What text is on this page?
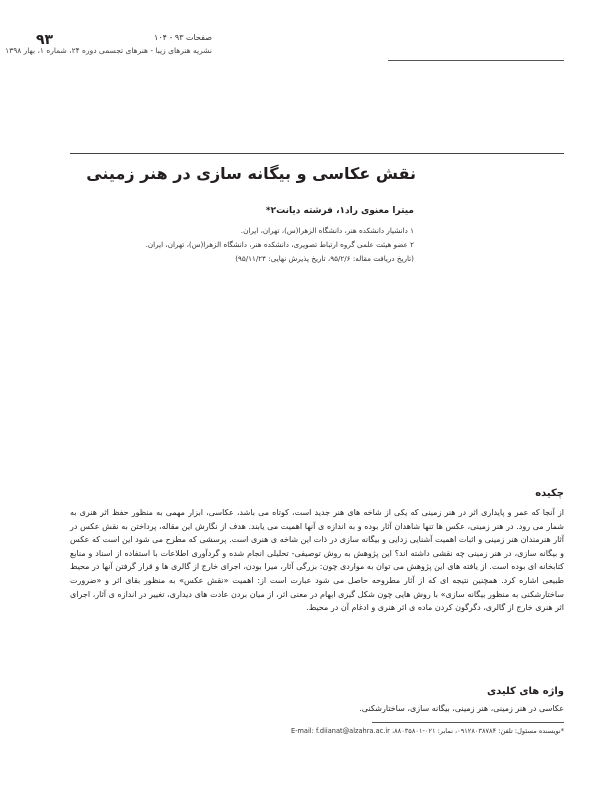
۹۳	صفحات ۹۳ - ۱۰۴
نشریه هنرهای زیبا - هنرهای تجسمی دوره ۲۴، شماره ۱، بهار ۱۳۹۸
نقش عکاسی و بیگانه سازی در هنر زمینی
میترا معنوی راد‌۱، فرشته دیانت‌۲*
۱ دانشیار دانشکده هنر، دانشگاه الزهرا(س)، تهران، ایران.
۲ عضو هیئت علمی گروه ارتباط تصویری، دانشکده هنر، دانشگاه الزهرا(س)، تهران، ایران.
(تاریخ دریافت مقاله: ۹۵/۲/۶، تاریخ پذیرش نهایی: ۹۵/۱۱/۲۴)
چکیده

از آنجا که عمر و پایداری اثر در هنر زمینی که یکی از شاخه های هنر جدید است، کوتاه می باشد، عکاسی، ابزار مهمی به منظور حفظ اثر هنری به شمار می رود. در هنر زمینی، عکس ها تنها شاهدان آثار بوده و به اندازه ی آنها اهمیت می یابند. هدف از نگارش این مقاله، پرداختن به نقش عکس در آثار هنرمندان هنر زمینی و اثبات اهمیت آشنایی زدایی و بیگانه سازی در ذات این شاخه ی هنری است. پرسشی که مطرح می شود این است که عکس و بیگانه سازی، در هنر زمینی چه نقشی داشته اند؟ این پژوهش به روش توصیفی- تحلیلی انجام شده و گردآوری اطلاعات با استفاده از اسناد و منابع کتابخانه ای بوده است. از یافته های این پژوهش می توان به مواردی چون: بزرگی آثار، میرا بودن، اجرای خارج از گالری ها و قرار گرفتن آنها در محیط طبیعی اشاره کرد. همچنین نتیجه ای که از آثار مطروحه حاصل می شود عبارت است از: اهمیت «نقش عکس» به منظور بقای اثر و «ضرورت ساختارشکنی به منظور بیگانه سازی» با روش هایی چون شکل گیری ابهام در معنی اثر، از میان بردن عادت های دیداری، تغییر در اندازه ی آثار، اجرای اثر هنری خارج از گالری، دگرگون کردن ماده ی اثر هنری و ادغام آن در محیط.

واژه های کلیدی
عکاسی در هنر زمینی، هنر زمینی، بیگانه سازی، ساختارشکنی.
*نویسنده مسئول: تلفن: ۰۹۱۲۸۰۳۸۷۸۴، نمابر: ۰۲۱-۸۸۰۳۵۸۰۱، E-mail: f.diianat@alzahra.ac.ir
